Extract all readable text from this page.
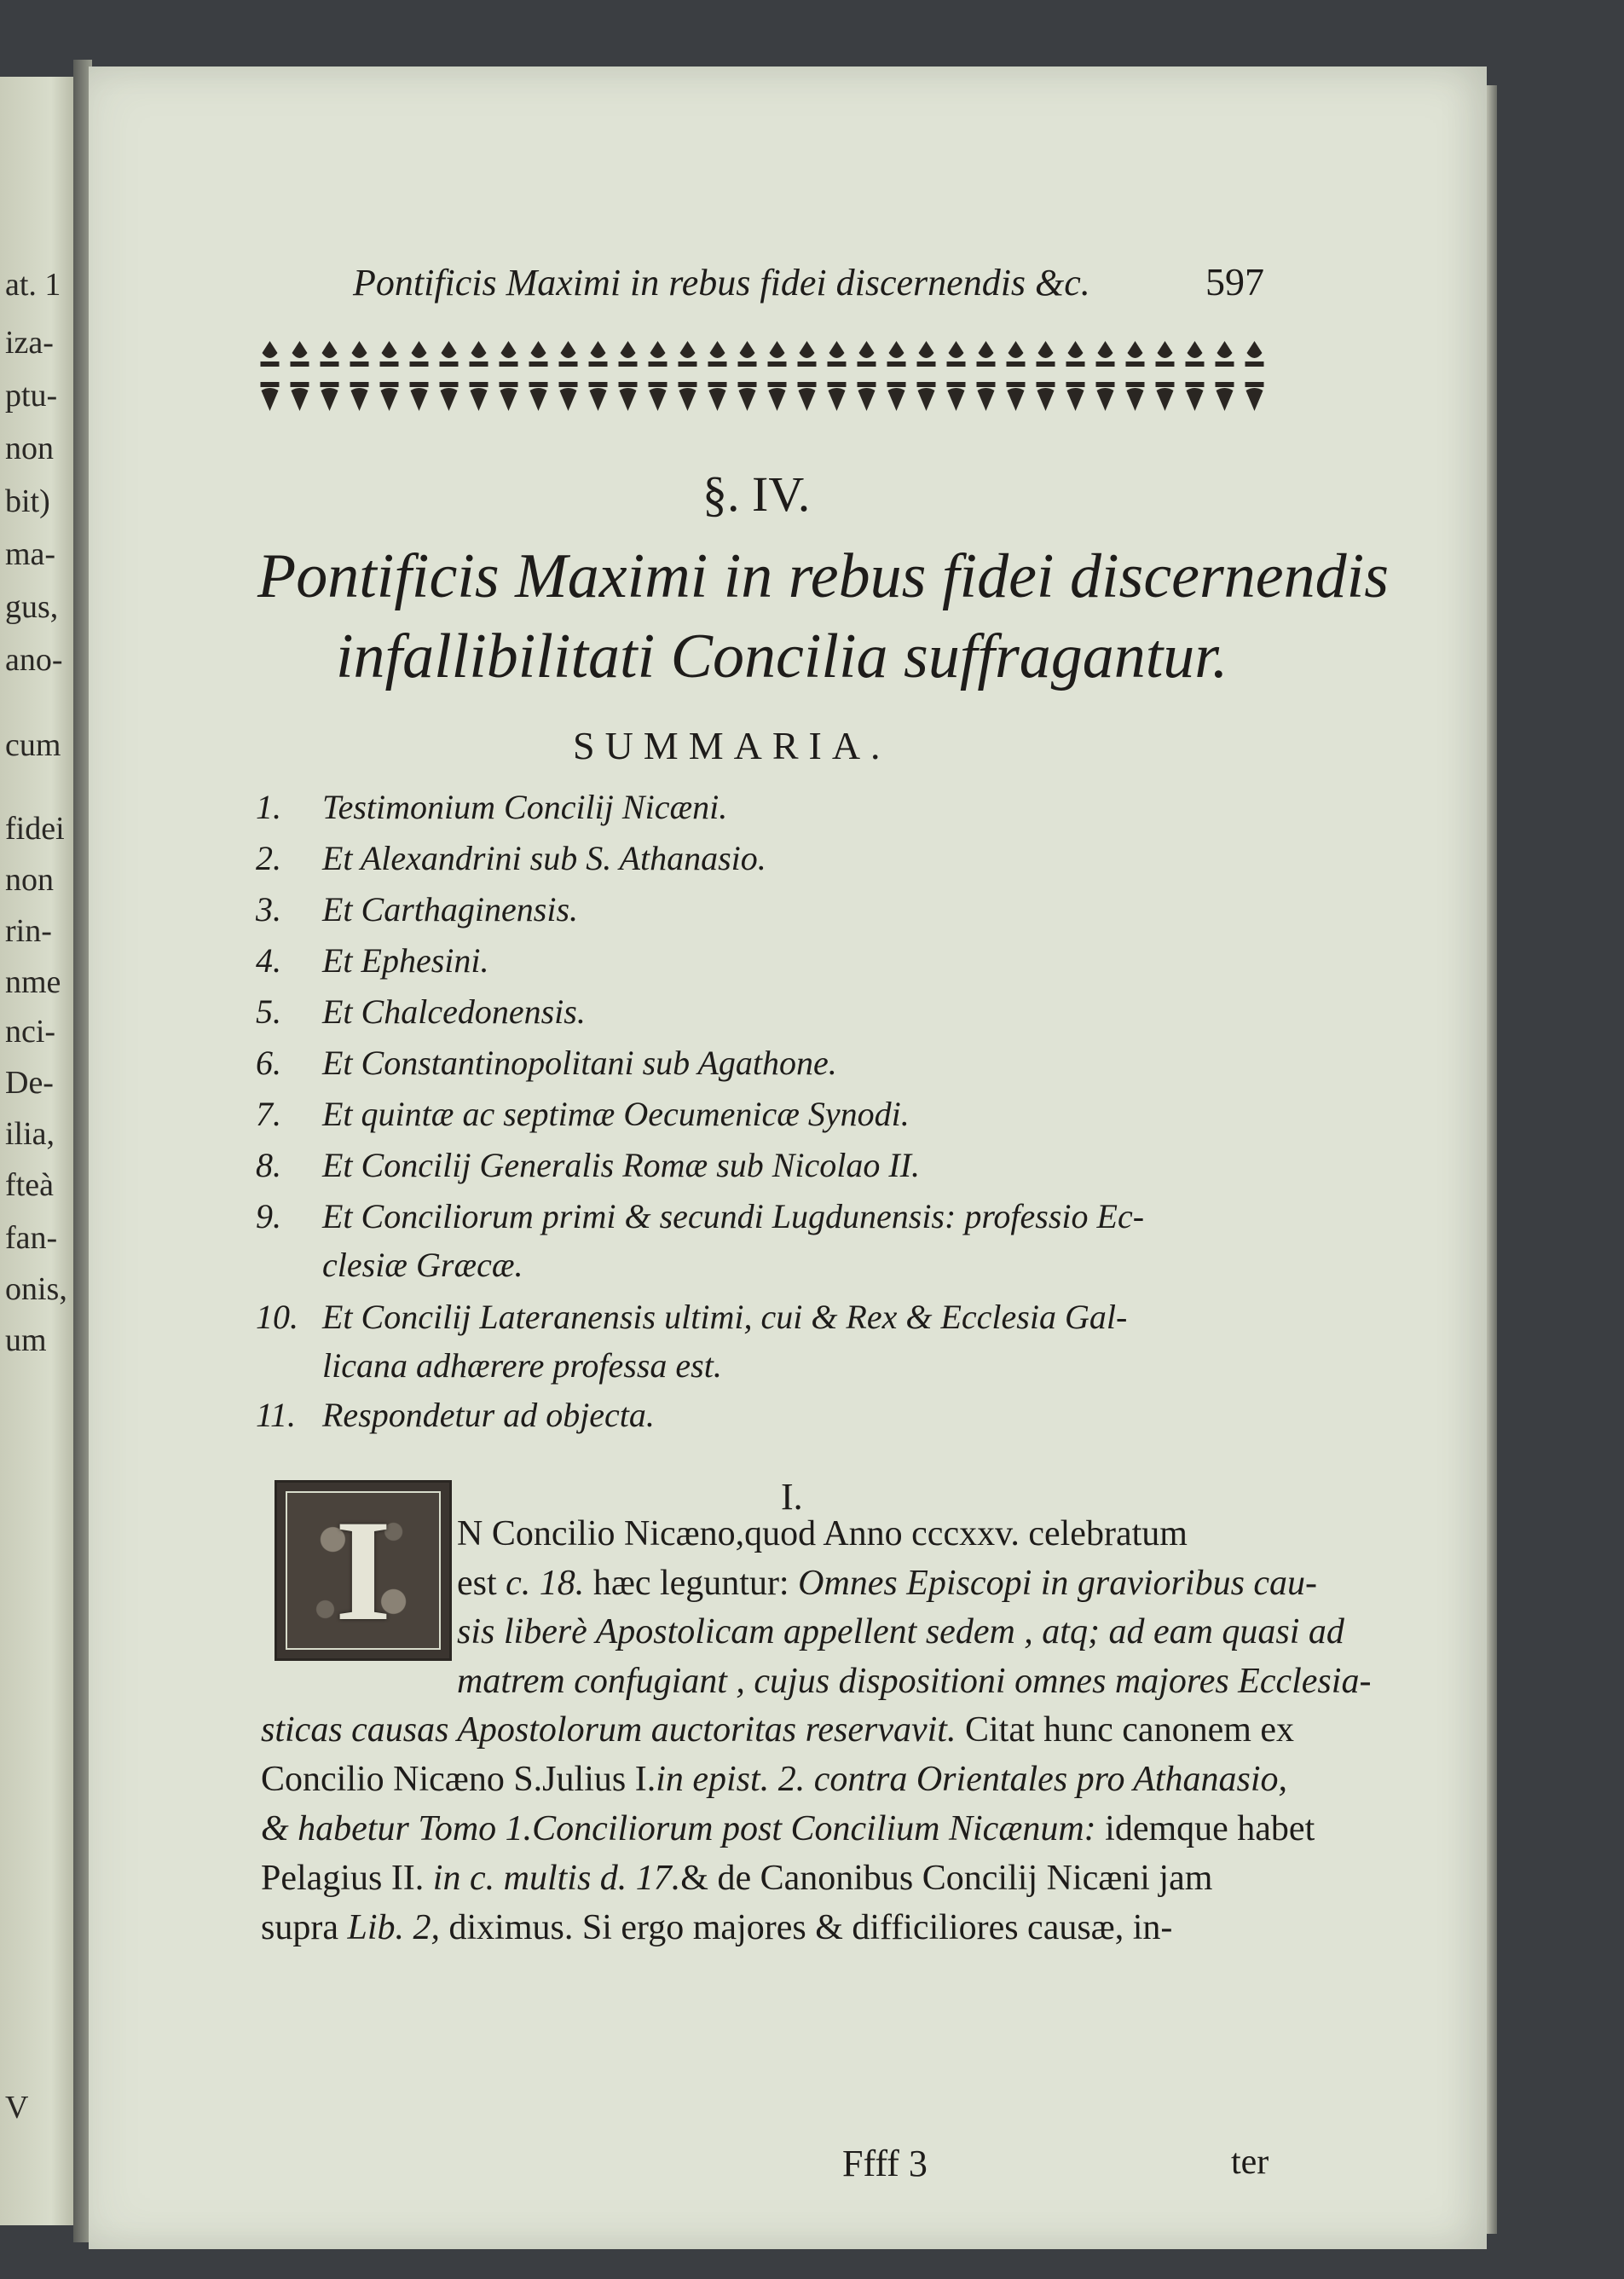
at. 1
iza-
ptu-
non
bit)
ma-
gus,
ano-
cum
fidei
non
rin-
nme
nci-
De-
ilia,
fteà
fan-
onis,
um
V
Pontificis Maximi in rebus fidei discernendis &c.	597
§. IV.
Pontificis Maximi in rebus fidei discernendis
infallibilitati Concilia suffragantur.
SUMMARIA.
1. Testimonium Concilij Nicæni.
2. Et Alexandrini sub S. Athanasio.
3. Et Carthaginensis.
4. Et Ephesini.
5. Et Chalcedonensis.
6. Et Constantinopolitani sub Agathone.
7. Et quintæ ac septimæ Oecumenicæ Synodi.
8. Et Concilij Generalis Romæ sub Nicolao II.
9. Et Conciliorum primi & secundi Lugdunensis: professio Ec-
clesiæ Græcæ.
10. Et Concilij Lateranensis ultimi, cui & Rex & Ecclesia Gal-
licana adhærere professa est.
11. Respondetur ad objecta.
I.
I	N Concilio Nicæno,quod Anno cccxxv. celebratum
est c. 18. hæc leguntur: Omnes Episcopi in gravioribus cau-
sis liberè Apostolicam appellent sedem , atq; ad eam quasi ad
matrem confugiant , cujus dispositioni omnes majores Ecclesia-
sticas causas Apostolorum auctoritas reservavit. Citat hunc canonem ex
Concilio Nicæno S.Julius I.in epist. 2. contra Orientales pro Athanasio,
& habetur Tomo 1.Conciliorum post Concilium Nicænum: idemque habet
Pelagius II. in c. multis d. 17.& de Canonibus Concilij Nicæni jam
supra Lib. 2, diximus. Si ergo majores & difficiliores causæ, in-
Ffff 3	ter
